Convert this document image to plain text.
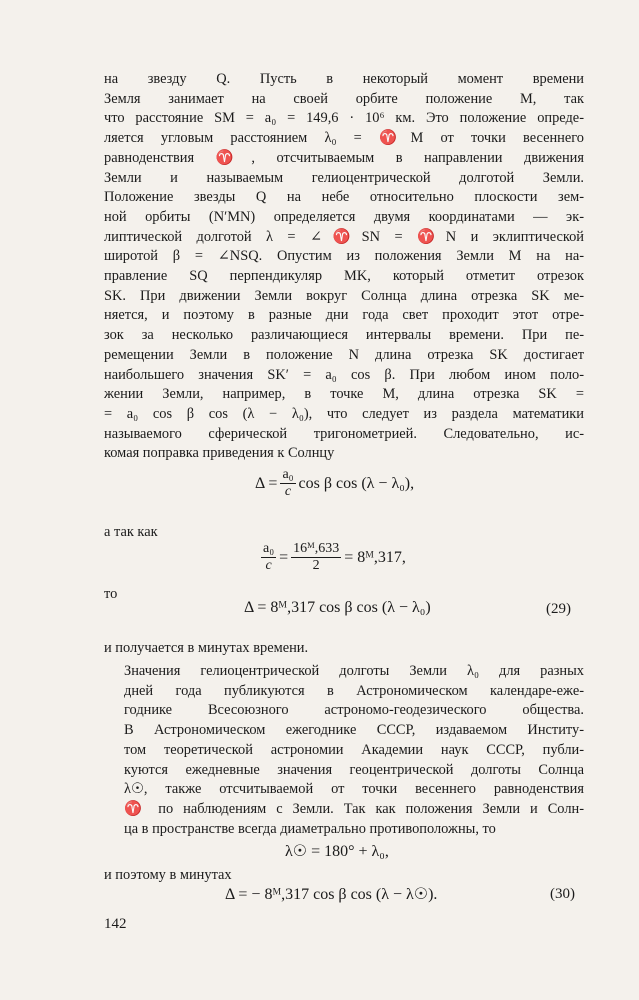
на звезду Q. Пусть в некоторый момент времени
Земля занимает на своей орбите положение M, так
что расстояние SM = a₀ = 149,6 · 10⁶ км. Это положение опреде-
ляется угловым расстоянием λ₀ = ♈M от точки весеннего
равноденствия ♈, отсчитываемым в направлении движения
Земли и называемым гелиоцентрической долготой Земли.
Положение звезды Q на небе относительно плоскости зем-
ной орбиты (N′MN) определяется двумя координатами — эк-
липтической долготой λ = ∠♈SN = ♈N и эклиптической
широтой β = ∠NSQ. Опустим из положения Земли M на на-
правление SQ перпендикуляр MK, который отметит отрезок
SK. При движении Земли вокруг Солнца длина отрезка SK ме-
няется, и поэтому в разные дни года свет проходит этот отре-
зок за несколько различающиеся интервалы времени. При пе-
ремещении Земли в положение N длина отрезка SK достигает
наибольшего значения SK′ = a₀ cos β. При любом ином поло-
жении Земли, например, в точке M, длина отрезка SK =
= a₀ cos β cos (λ − λ₀), что следует из раздела математики
называемого сферической тригонометрией. Следовательно, ис-
комая поправка приведения к Солнцу
$\Delta = \frac{\text{a₀}}{c}$ cos β cos (λ − λ₀),
а так как
$\frac{\text{a₀}}{c} = \frac{\text{16ᴹ,633}}{2}$ = 8ᴹ,317,
то
Δ = 8ᴹ,317 cos β cos (λ − λ₀)	(29)
и получается в минутах времени.
Значения гелиоцентрической долготы Земли λ₀ для разных
дней года публикуются в Астрономическом календаре-еже-
годнике Всесоюзного астрономо-геодезического общества.
В Астрономическом ежегоднике СССР, издаваемом Институ-
том теоретической астрономии Академии наук СССР, публи-
куются ежедневные значения геоцентрической долготы Солнца
λ☉, также отсчитываемой от точки весеннего равноденствия
♈ по наблюдениям с Земли. Так как положения Земли и Солн-
ца в пространстве всегда диаметрально противоположны, то
λ☉ = 180° + λ₀,
и поэтому в минутах
Δ = − 8ᴹ,317 cos β cos (λ − λ☉).	(30)
142
